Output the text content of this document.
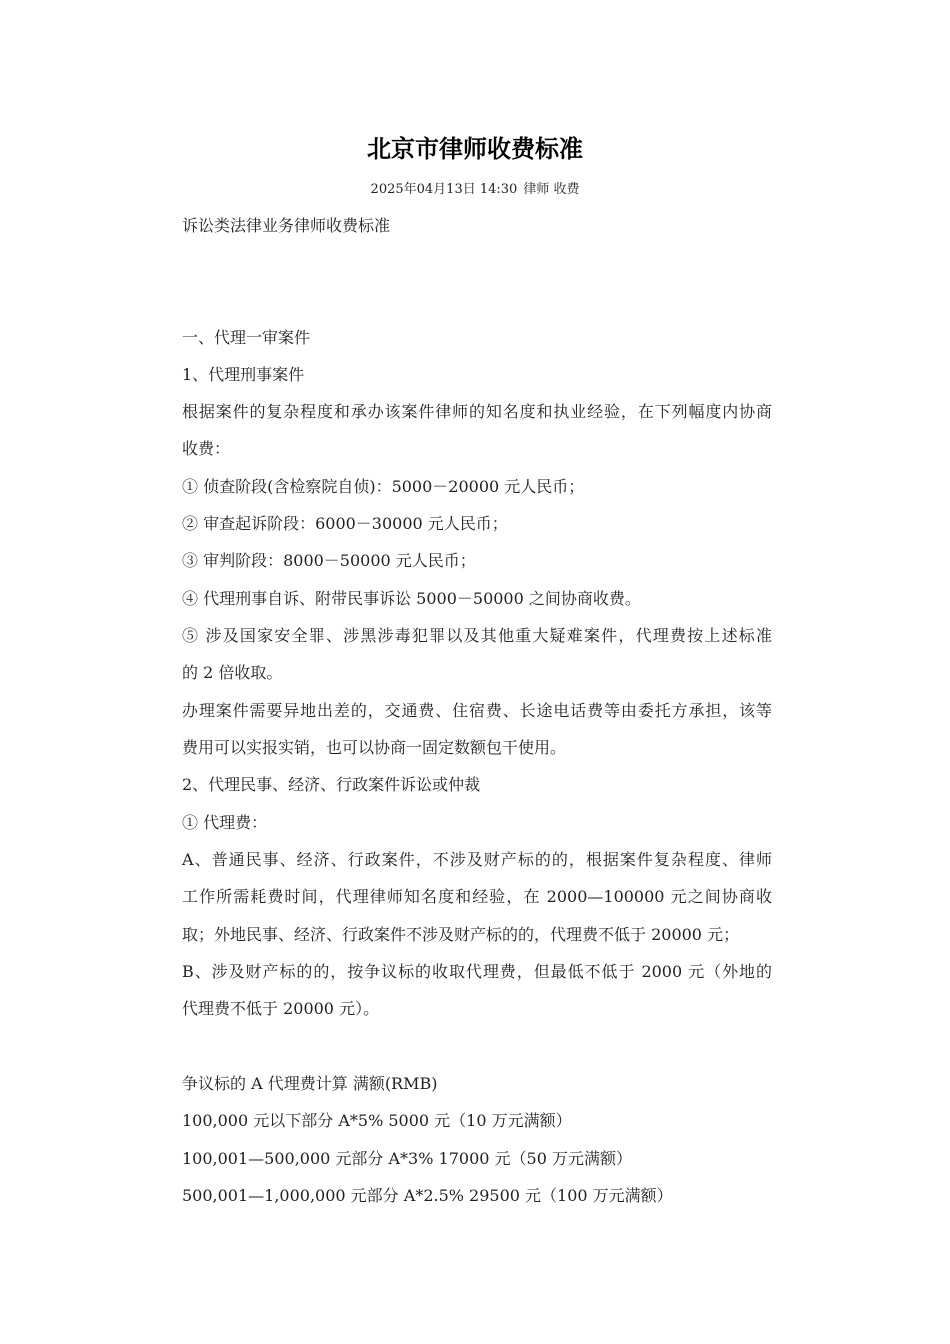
北京市律师收费标准
2025年04月13日 14:30 律师 收费
诉讼类法律业务律师收费标准
一、代理一审案件
1、代理刑事案件
根据案件的复杂程度和承办该案件律师的知名度和执业经验，在下列幅度内协商
收费：
① 侦查阶段(含检察院自侦)：5000－20000 元人民币；
② 审查起诉阶段：6000－30000 元人民币；
③ 审判阶段：8000－50000 元人民币；
④ 代理刑事自诉、附带民事诉讼 5000－50000 之间协商收费。
⑤ 涉及国家安全罪、涉黑涉毒犯罪以及其他重大疑难案件，代理费按上述标准
的 2 倍收取。
办理案件需要异地出差的，交通费、住宿费、长途电话费等由委托方承担，该等
费用可以实报实销，也可以协商一固定数额包干使用。
2、代理民事、经济、行政案件诉讼或仲裁
① 代理费：
A、普通民事、经济、行政案件，不涉及财产标的的，根据案件复杂程度、律师
工作所需耗费时间，代理律师知名度和经验，在 2000—100000 元之间协商收
取；外地民事、经济、行政案件不涉及财产标的的，代理费不低于 20000 元；
B、涉及财产标的的，按争议标的收取代理费，但最低不低于 2000 元（外地的
代理费不低于 20000 元）。
争议标的 A 代理费计算 满额(RMB)
100,000 元以下部分 A*5% 5000 元（10 万元满额）
100,001—500,000 元部分 A*3% 17000 元（50 万元满额）
500,001—1,000,000 元部分 A*2.5% 29500 元（100 万元满额）
